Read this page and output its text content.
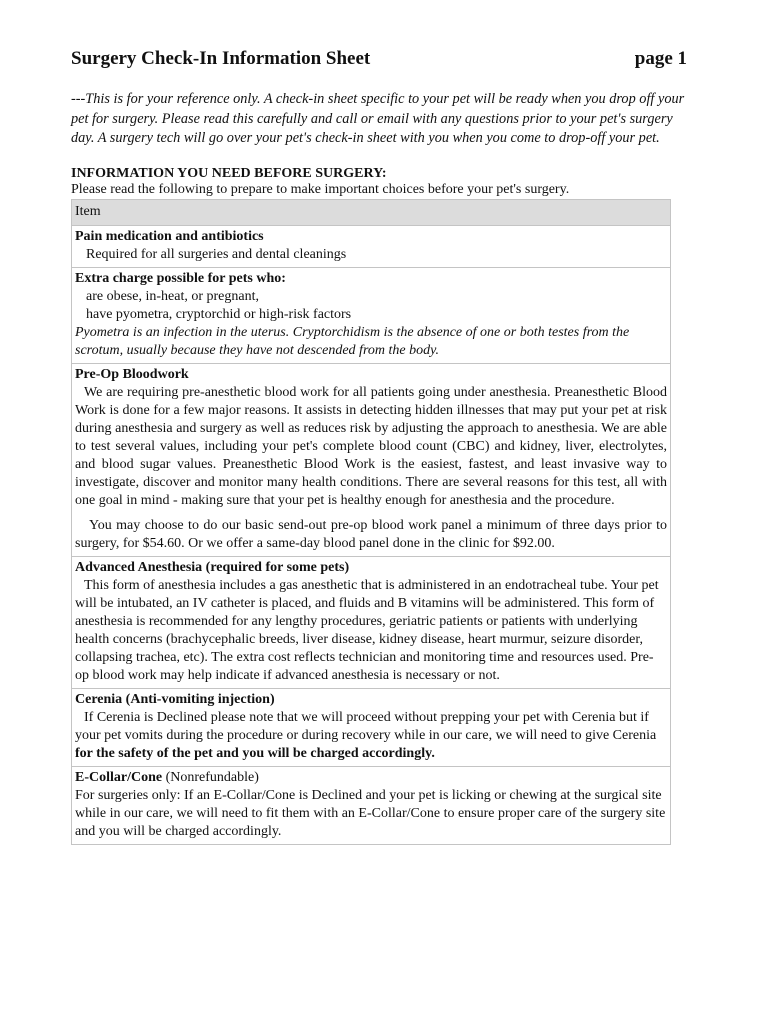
Surgery Check-In Information Sheet	page 1
---This is for your reference only. A check-in sheet specific to your pet will be ready when you drop off your pet for surgery. Please read this carefully and call or email with any questions prior to your pet's surgery day. A surgery tech will go over your pet's check-in sheet with you when you come to drop-off your pet.
INFORMATION YOU NEED BEFORE SURGERY:
Please read the following to prepare to make important choices before your pet's surgery.
Item

Pain medication and antibiotics
Required for all surgeries and dental cleanings

Extra charge possible for pets who:
are obese, in-heat, or pregnant,
have pyometra, cryptorchid or high-risk factors
Pyometra is an infection in the uterus. Cryptorchidism is the absence of one or both testes from the scrotum, usually because they have not descended from the body.

Pre-Op Bloodwork
We are requiring pre-anesthetic blood work for all patients going under anesthesia. Preanesthetic Blood Work is done for a few major reasons. It assists in detecting hidden illnesses that may put your pet at risk during anesthesia and surgery as well as reduces risk by adjusting the approach to anesthesia. We are able to test several values, including your pet's complete blood count (CBC) and kidney, liver, electrolytes, and blood sugar values. Preanesthetic Blood Work is the easiest, fastest, and least invasive way to investigate, discover and monitor many health conditions. There are several reasons for this test, all with one goal in mind - making sure that your pet is healthy enough for anesthesia and the procedure.
You may choose to do our basic send-out pre-op blood work panel a minimum of three days prior to surgery, for $54.60. Or we offer a same-day blood panel done in the clinic for $92.00.

Advanced Anesthesia (required for some pets)
This form of anesthesia includes a gas anesthetic that is administered in an endotracheal tube. Your pet will be intubated, an IV catheter is placed, and fluids and B vitamins will be administered. This form of anesthesia is recommended for any lengthy procedures, geriatric patients or patients with underlying health concerns (brachycephalic breeds, liver disease, kidney disease, heart murmur, seizure disorder, collapsing trachea, etc). The extra cost reflects technician and monitoring time and resources used. Pre-op blood work may help indicate if advanced anesthesia is necessary or not.

Cerenia (Anti-vomiting injection)
If Cerenia is Declined please note that we will proceed without prepping your pet with Cerenia but if your pet vomits during the procedure or during recovery while in our care, we will need to give Cerenia for the safety of the pet and you will be charged accordingly.

E-Collar/Cone (Nonrefundable)
For surgeries only: If an E-Collar/Cone is Declined and your pet is licking or chewing at the surgical site while in our care, we will need to fit them with an E-Collar/Cone to ensure proper care of the surgery site and you will be charged accordingly.
